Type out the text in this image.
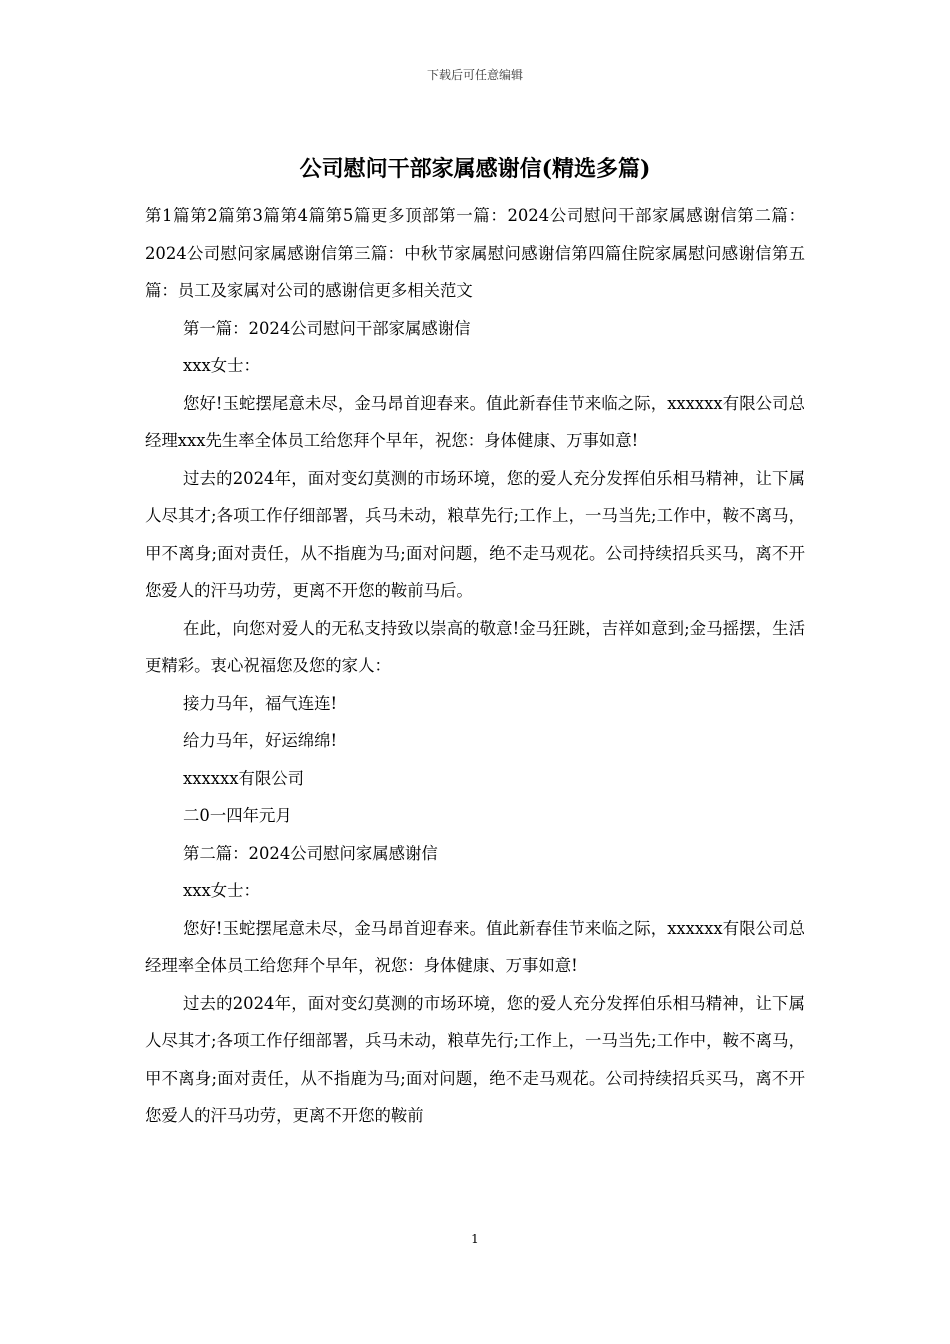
下载后可任意编辑
公司慰问干部家属感谢信(精选多篇)

第1篇第2篇第3篇第4篇第5篇更多顶部第一篇：2024公司慰问干部家属感谢信第二篇：2024公司慰问家属感谢信第三篇：中秋节家属慰问感谢信第四篇住院家属慰问感谢信第五篇：员工及家属对公司的感谢信更多相关范文

第一篇：2024公司慰问干部家属感谢信

xxx女士：

您好!玉蛇摆尾意未尽，金马昂首迎春来。值此新春佳节来临之际，xxxxxx有限公司总经理xxx先生率全体员工给您拜个早年，祝您：身体健康、万事如意!

过去的2024年，面对变幻莫测的市场环境，您的爱人充分发挥伯乐相马精神，让下属人尽其才;各项工作仔细部署，兵马未动，粮草先行;工作上，一马当先;工作中，鞍不离马，甲不离身;面对责任，从不指鹿为马;面对问题，绝不走马观花。公司持续招兵买马，离不开您爱人的汗马功劳，更离不开您的鞍前马后。

在此，向您对爱人的无私支持致以崇高的敬意!金马狂跳，吉祥如意到;金马摇摆，生活更精彩。衷心祝福您及您的家人：

接力马年，福气连连!

给力马年，好运绵绵!

xxxxxx有限公司

二0一四年元月

第二篇：2024公司慰问家属感谢信

xxx女士：

您好!玉蛇摆尾意未尽，金马昂首迎春来。值此新春佳节来临之际，xxxxxx有限公司总经理率全体员工给您拜个早年，祝您：身体健康、万事如意!

过去的2024年，面对变幻莫测的市场环境，您的爱人充分发挥伯乐相马精神，让下属人尽其才;各项工作仔细部署，兵马未动，粮草先行;工作上，一马当先;工作中，鞍不离马，甲不离身;面对责任，从不指鹿为马;面对问题，绝不走马观花。公司持续招兵买马，离不开您爱人的汗马功劳，更离不开您的鞍前

1
